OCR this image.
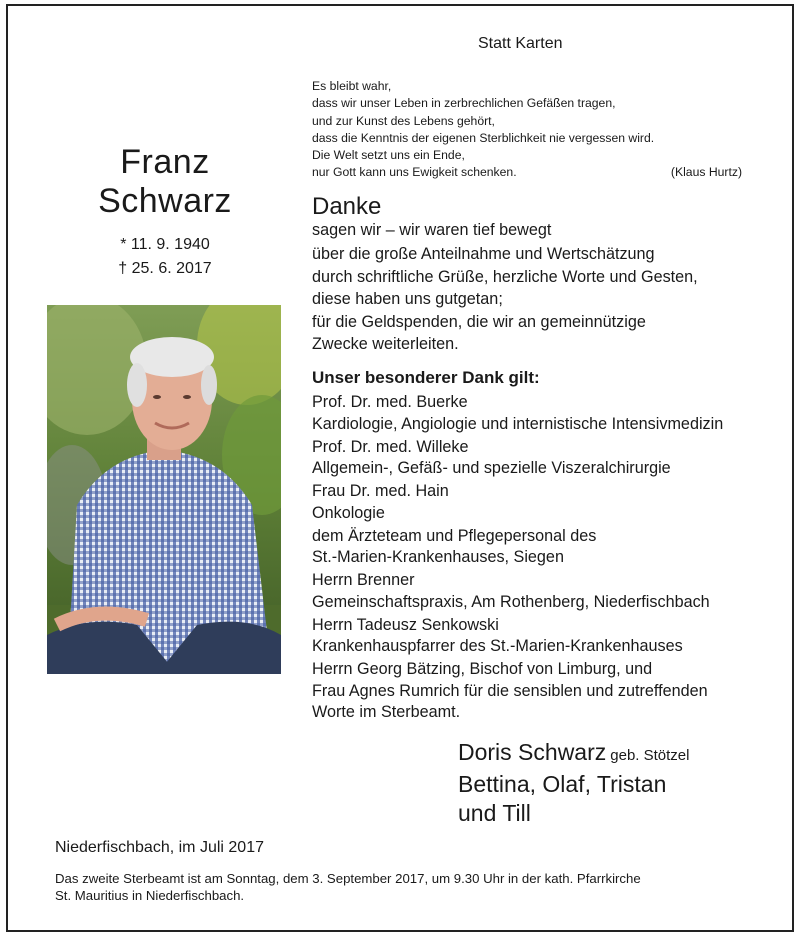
Statt Karten
Es bleibt wahr,
dass wir unser Leben in zerbrechlichen Gefäßen tragen,
und zur Kunst des Lebens gehört,
dass die Kenntnis der eigenen Sterblichkeit nie vergessen wird.
Die Welt setzt uns ein Ende,
nur Gott kann uns Ewigkeit schenken.	(Klaus Hurtz)
Franz
Schwarz
* 11. 9. 1940
† 25. 6. 2017
Danke
sagen wir – wir waren tief bewegt
über die große Anteilnahme und Wertschätzung
durch schriftliche Grüße, herzliche Worte und Gesten,
diese haben uns gutgetan;
für die Geldspenden, die wir an gemeinnützige
Zwecke weiterleiten.
Unser besonderer Dank gilt:
Prof. Dr. med. Buerke
Kardiologie, Angiologie und internistische Intensivmedizin
Prof. Dr. med. Willeke
Allgemein-, Gefäß- und spezielle Viszeralchirurgie
Frau Dr. med. Hain
Onkologie
dem Ärzteteam und Pflegepersonal des
St.-Marien-Krankenhauses, Siegen
Herrn Brenner
Gemeinschaftspraxis, Am Rothenberg, Niederfischbach
Herrn Tadeusz Senkowski
Krankenhauspfarrer des St.-Marien-Krankenhauses
Herrn Georg Bätzing, Bischof von Limburg, und
Frau Agnes Rumrich für die sensiblen und zutreffenden
Worte im Sterbeamt.
Doris Schwarz geb. Stötzel
Bettina, Olaf, Tristan
und Till
Niederfischbach, im Juli 2017
Das zweite Sterbeamt ist am Sonntag, dem 3. September 2017, um 9.30 Uhr in der kath. Pfarrkirche
St. Mauritius in Niederfischbach.
